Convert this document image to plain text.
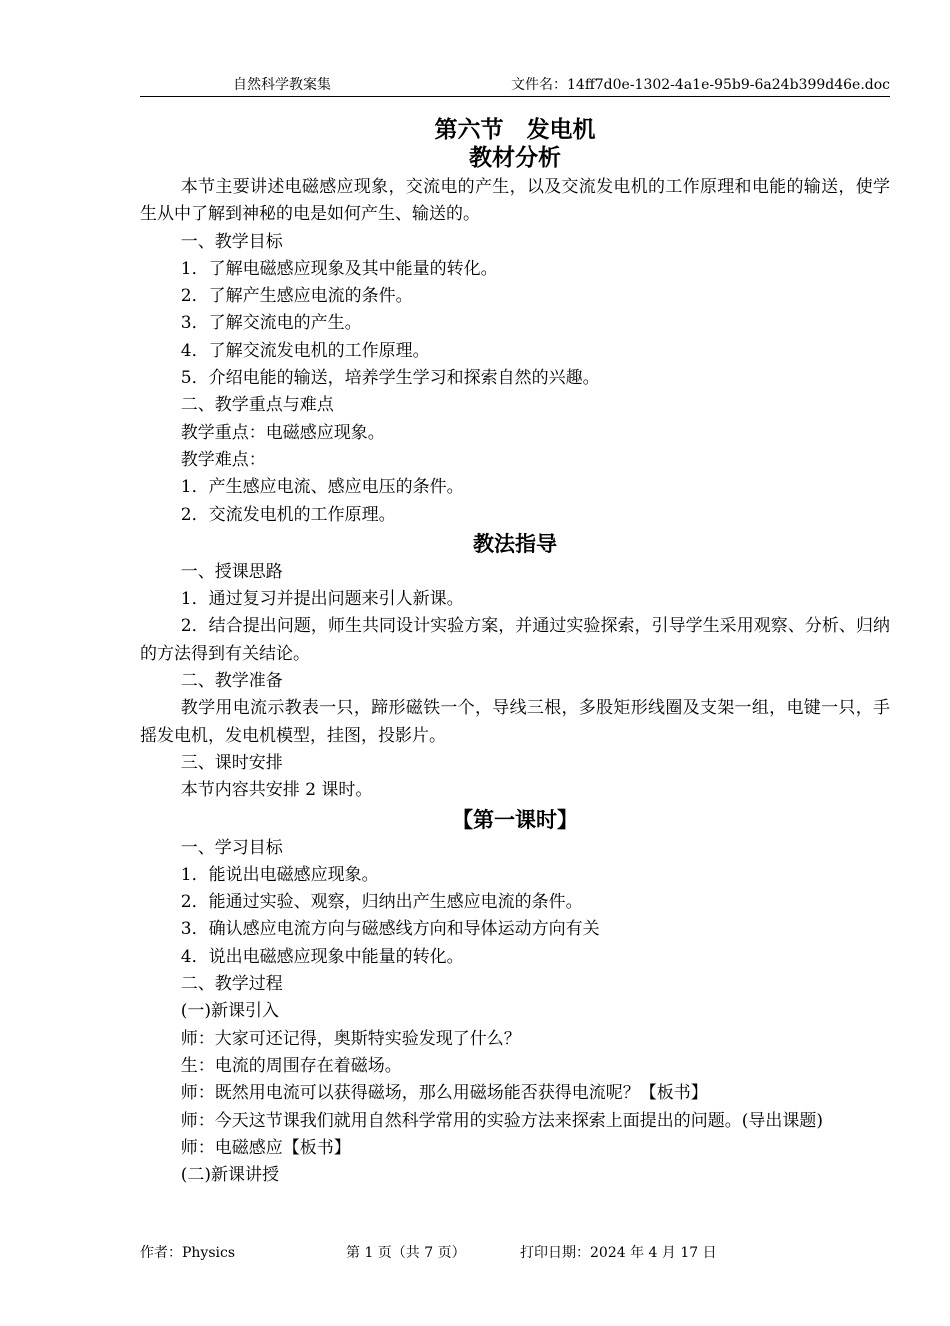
自然科学教案集	文件名：14ff7d0e-1302-4a1e-95b9-6a24b399d46e.doc
第六节　发电机
教材分析

本节主要讲述电磁感应现象，交流电的产生，以及交流发电机的工作原理和电能的输送，使学生从中了解到神秘的电是如何产生、输送的。

一、教学目标

1．了解电磁感应现象及其中能量的转化。

2．了解产生感应电流的条件。

3．了解交流电的产生。

4．了解交流发电机的工作原理。

5．介绍电能的输送，培养学生学习和探索自然的兴趣。

二、教学重点与难点

教学重点：电磁感应现象。

教学难点：

1．产生感应电流、感应电压的条件。

2．交流发电机的工作原理。

教法指导

一、授课思路

1．通过复习并提出问题来引人新课。

2．结合提出问题，师生共同设计实验方案，并通过实验探索，引导学生采用观察、分析、归纳的方法得到有关结论。

二、教学准备

教学用电流示教表一只，蹄形磁铁一个，导线三根，多股矩形线圈及支架一组，电键一只，手摇发电机，发电机模型，挂图，投影片。

三、课时安排

本节内容共安排 2 课时。

【第一课时】

一、学习目标

1．能说出电磁感应现象。

2．能通过实验、观察，归纳出产生感应电流的条件。

3．确认感应电流方向与磁感线方向和导体运动方向有关

4．说出电磁感应现象中能量的转化。

二、教学过程

(一)新课引入

师：大家可还记得，奥斯特实验发现了什么？

生：电流的周围存在着磁场。

师：既然用电流可以获得磁场，那么用磁场能否获得电流呢？【板书】

师：今天这节课我们就用自然科学常用的实验方法来探索上面提出的问题。(导出课题)

师：电磁感应【板书】

(二)新课讲授

作者：Physics	第 1 页（共 7 页）	打印日期：2024 年 4 月 17 日
